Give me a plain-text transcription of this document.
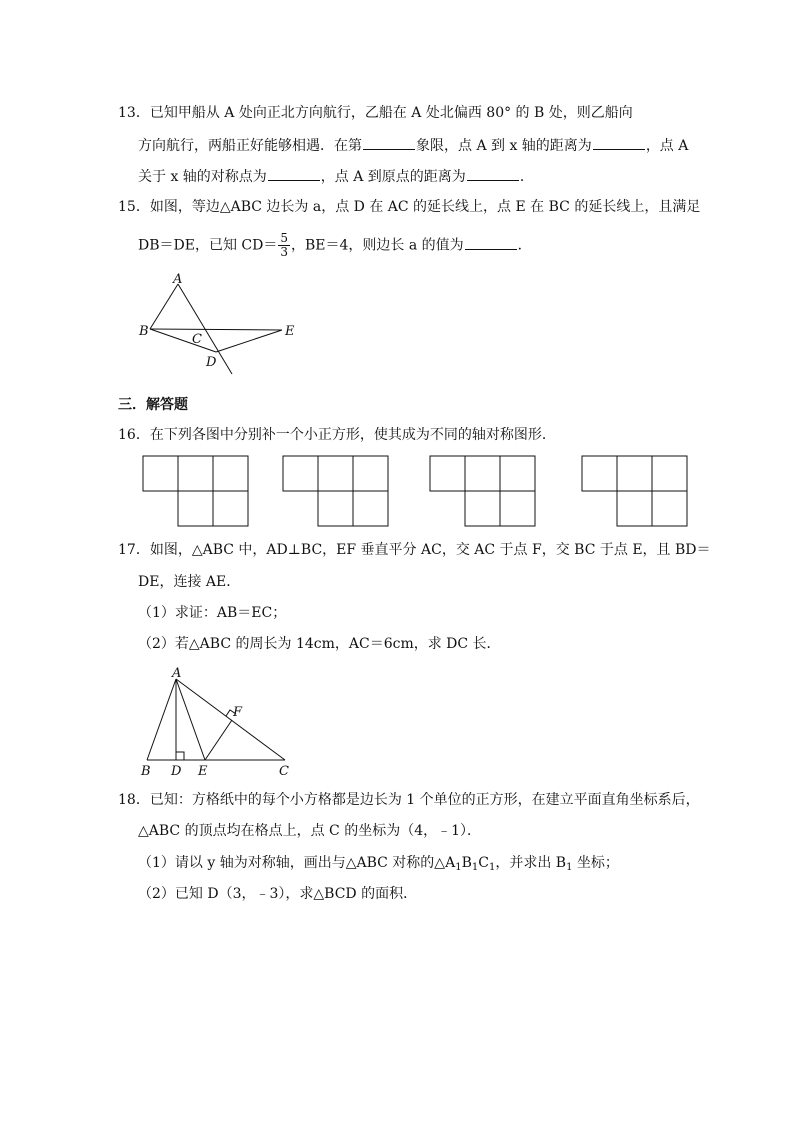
13．已知甲船从 A 处向正北方向航行，乙船在 A 处北偏西 80° 的 B 处，则乙船向
方向航行，两船正好能够相遇．在第	象限，点 A 到 x 轴的距离为	，点 A
关于 x 轴的对称点为	，点 A 到原点的距离为	．
15．如图，等边△ABC 边长为 a，点 D 在 AC 的延长线上，点 E 在 BC 的延长线上，且满足
DB＝DE，已知 $CD= \frac{5}{3}$ ，BE＝4，则边长 a 的值为	．
A
B
C
D
E
三．解答题
16．在下列各图中分别补一个小正方形，使其成为不同的轴对称图形．
17．如图，△ABC 中，AD⊥BC，EF 垂直平分 AC，交 AC 于点 F，交 BC 于点 E，且 BD＝
DE，连接 AE．
（1）求证：AB＝EC；
（2）若△ABC 的周长为 14cm，AC＝6cm，求 DC 长．
A
B D E	C
F
18．已知：方格纸中的每个小方格都是边长为 1 个单位的正方形，在建立平面直角坐标系后，
△ABC 的顶点均在格点上，点 C 的坐标为（4，﹣1）．
（1）请以 y 轴为对称轴，画出与△ABC 对称的$\triangle A_1B_1C_1$，并求出 $B_1$ 坐标；
（2）已知 D（3，﹣3），求△BCD 的面积．
